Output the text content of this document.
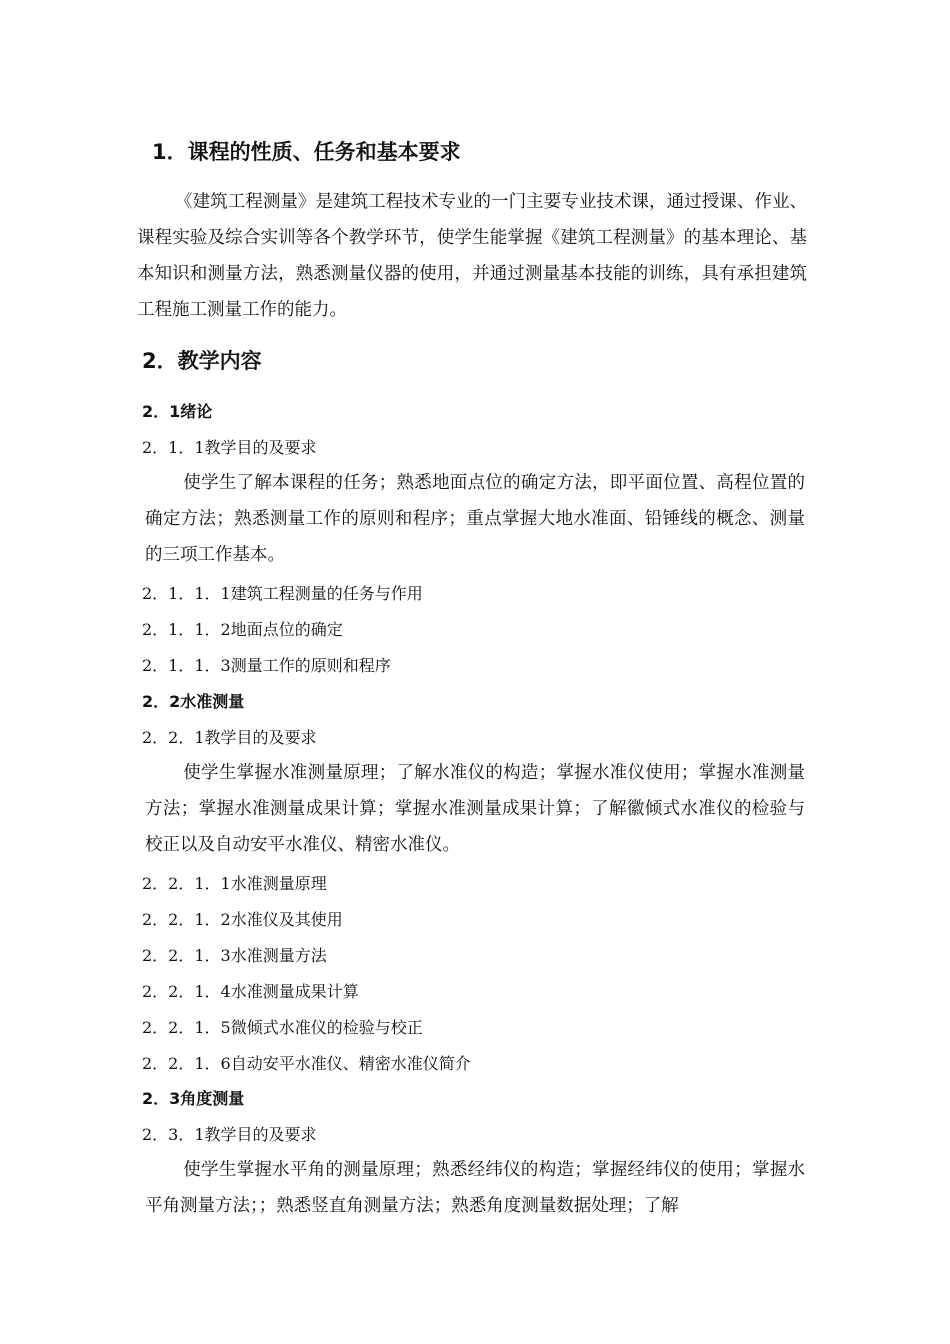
1．课程的性质、任务和基本要求
《建筑工程测量》是建筑工程技术专业的一门主要专业技术课，通过授课、作业、课程实验及综合实训等各个教学环节，使学生能掌握《建筑工程测量》的基本理论、基本知识和测量方法，熟悉测量仪器的使用，并通过测量基本技能的训练，具有承担建筑工程施工测量工作的能力。
2．教学内容
2．1绪论
2．1．1教学目的及要求
使学生了解本课程的任务；熟悉地面点位的确定方法，即平面位置、高程位置的确定方法；熟悉测量工作的原则和程序；重点掌握大地水准面、铅锤线的概念、测量的三项工作基本。
2．1．1．1建筑工程测量的任务与作用
2．1．1．2地面点位的确定
2．1．1．3测量工作的原则和程序
2．2水准测量
2．2．1教学目的及要求
使学生掌握水准测量原理；了解水准仪的构造；掌握水准仪使用；掌握水准测量方法；掌握水准测量成果计算；掌握水准测量成果计算；了解徽倾式水准仪的检验与校正以及自动安平水准仪、精密水准仪。
2．2．1．1水准测量原理
2．2．1．2水准仪及其使用
2．2．1．3水准测量方法
2．2．1．4水准测量成果计算
2．2．1．5微倾式水准仪的检验与校正
2．2．1．6自动安平水准仪、精密水准仪简介
2．3角度测量
2．3．1教学目的及要求
使学生掌握水平角的测量原理；熟悉经纬仪的构造；掌握经纬仪的使用；掌握水平角测量方法；；熟悉竖直角测量方法；熟悉角度测量数据处理；了解
